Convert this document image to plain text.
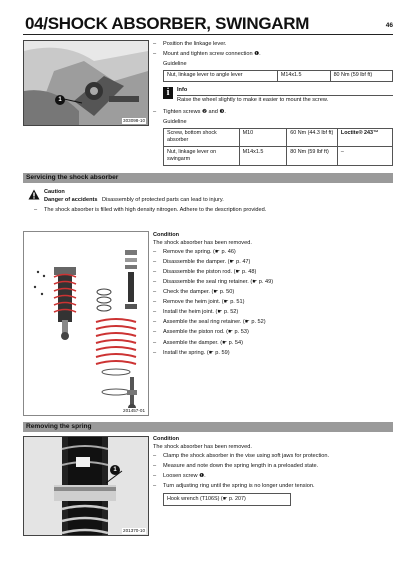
04/SHOCK ABSORBER, SWINGARM	46
1
303098-10
– Position the linkage lever.
– Mount and tighten screw connection ❶.
Guideline
Nut, linkage lever to angle lever	M14x1.5	80 Nm (59 lbf ft)
i	Info
Raise the wheel slightly to make it easier to mount the screw.
– Tighten screws ❷ and ❸.
Guideline
Screw, bottom shock absorber	M10	60 Nm (44.3 lbf ft)	Loctite® 243™
Nut, linkage lever on swingarm	M14x1.5	80 Nm (59 lbf ft)	–
Servicing the shock absorber
Caution
Danger of accidents Disassembly of protected parts can lead to injury.
– The shock absorber is filled with high density nitrogen. Adhere to the description provided.
201457-01
Condition
The shock absorber has been removed.
– Remove the spring. (☛ p. 46)
– Disassemble the damper. (☛ p. 47)
– Disassemble the piston rod. (☛ p. 48)
– Disassemble the seal ring retainer. (☛ p. 49)
– Check the damper. (☛ p. 50)
– Remove the heim joint. (☛ p. 51)
– Install the heim joint. (☛ p. 52)
– Assemble the seal ring retainer. (☛ p. 52)
– Assemble the piston rod. (☛ p. 53)
– Assemble the damper. (☛ p. 54)
– Install the spring. (☛ p. 59)
Removing the spring
1
201370-10
Condition
The shock absorber has been removed.
– Clamp the shock absorber in the vise using soft jaws for protection.
– Measure and note down the spring length in a preloaded state.
– Loosen screw ❶.
– Turn adjusting ring until the spring is no longer under tension.
Hook wrench (T106S) (☛ p. 207)
